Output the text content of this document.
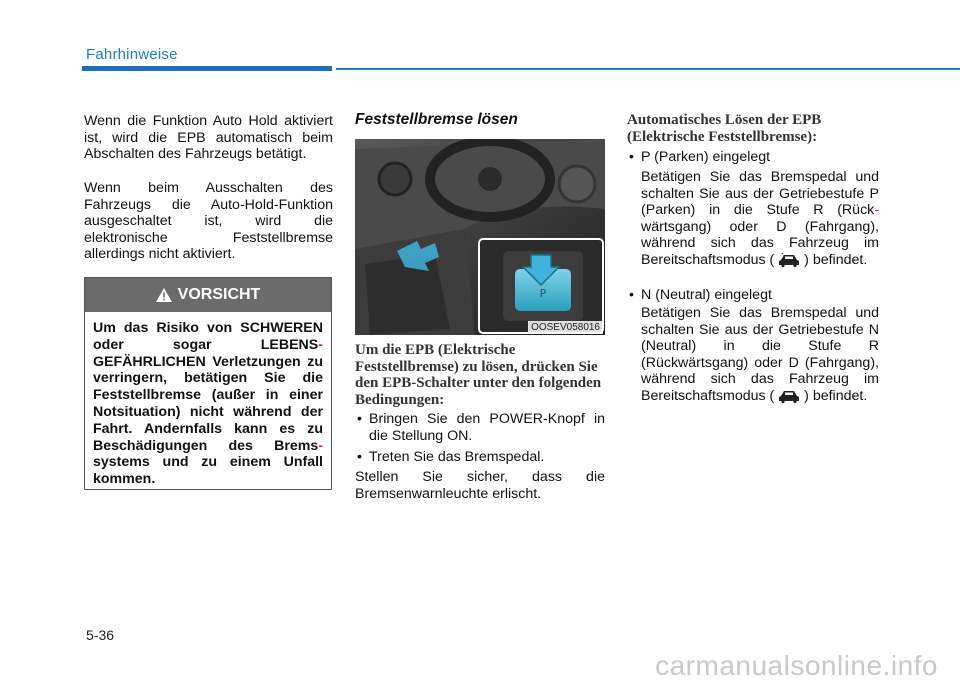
Fahrhinweise

Wenn die Funktion Auto Hold aktiviert ist, wird die EPB automatisch beim Abschalten des Fahrzeugs betätigt.

Wenn beim Ausschalten des Fahrzeugs die Auto-Hold-Funktion ausgeschaltet ist, wird die elektronische Feststellbremse allerdings nicht aktiviert.

VORSICHT
Um das Risiko von SCHWEREN oder sogar LEBENS- GEFÄHRLICHEN Verletzungen zu verringern, betätigen Sie die Feststellbremse (außer in einer Notsituation) nicht während der Fahrt. Andernfalls kann es zu Beschädigungen des Brems- systems und zu einem Unfall kommen.

Feststellbremse lösen

P
OOSEV058016

Um die EPB (Elektrische Feststellbremse) zu lösen, drücken Sie den EPB-Schalter unter den folgenden Bedingungen:

• Bringen Sie den POWER-Knopf in die Stellung ON.

• Treten Sie das Bremspedal.

Stellen Sie sicher, dass die Bremsenwarnleuchte erlischt.

Automatisches Lösen der EPB (Elektrische Feststellbremse):

• P (Parken) eingelegt

Betätigen Sie das Bremspedal und schalten Sie aus der Getriebestufe P (Parken) in die Stufe R (Rück- wärtsgang) oder D (Fahrgang), während sich das Fahrzeug im Bereitschaftsmodus ( ) befindet.

• N (Neutral) eingelegt

Betätigen Sie das Bremspedal und schalten Sie aus der Getriebestufe N (Neutral) in die Stufe R (Rückwärtsgang) oder D (Fahrgang), während sich das Fahrzeug im Bereitschaftsmodus ( ) befindet.

5-36
carmanualsonline.info
